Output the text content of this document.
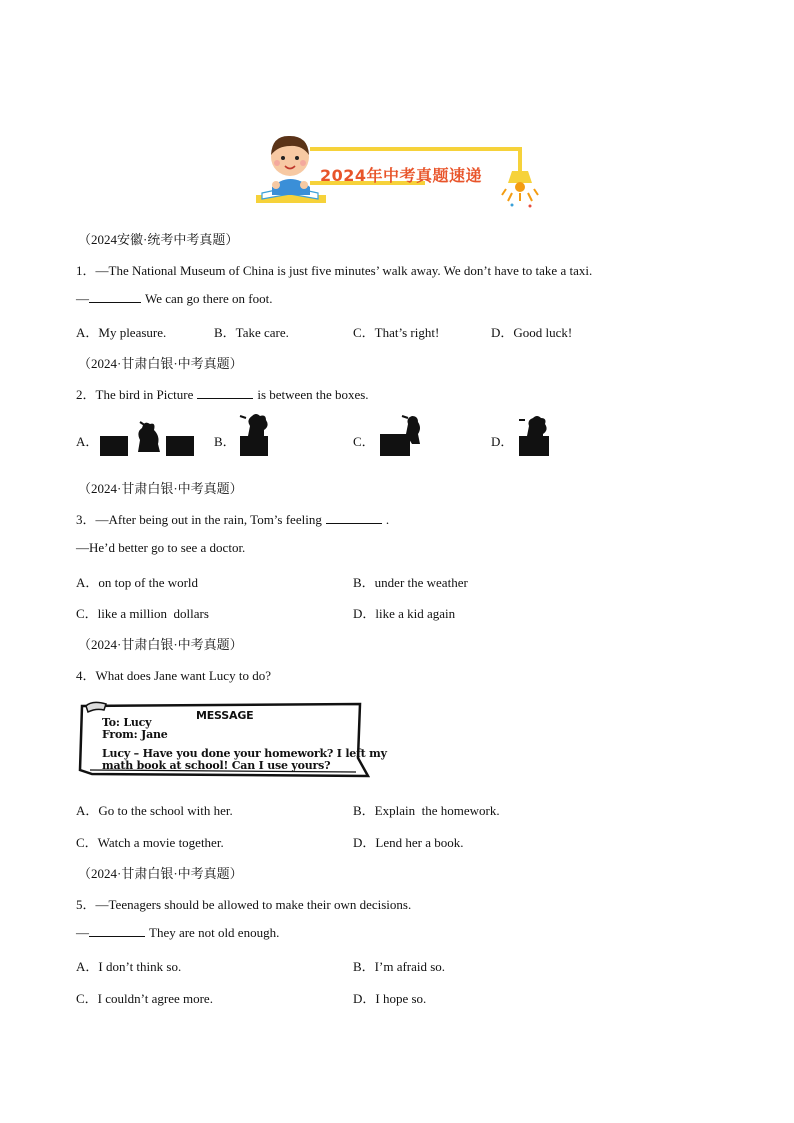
2024年中考真题速递
（2024安徽·统考中考真题）
1．—The National Museum of China is just five minutes’ walk away. We don’t have to take a taxi.
—	We can go there on foot.
A．My pleasure.	B．Take care.	C．That’s right!	D．Good luck!
（2024·甘肃白银·中考真题）
2．The bird in Picture	is between the boxes.
A．	B．	C．	D．
（2024·甘肃白银·中考真题）
3．—After being out in the rain, Tom’s feeling	.
—He’d better go to see a doctor.
A．on top of the world	B．under the weather
C．like a million  dollars	D．like a kid again
（2024·甘肃白银·中考真题）
4．What does Jane want Lucy to do?
MESSAGE
To: Lucy
From: Jane
Lucy – Have you done your homework? I left my
math book at school! Can I use yours?
A．Go to the school with her.	B．Explain  the homework.
C．Watch a movie together.	D．Lend her a book.
（2024·甘肃白银·中考真题）
5．—Teenagers should be allowed to make their own decisions.
—	They are not old enough.
A．I don’t think so.	B．I’m afraid so.
C．I couldn’t agree more.	D．I hope so.
